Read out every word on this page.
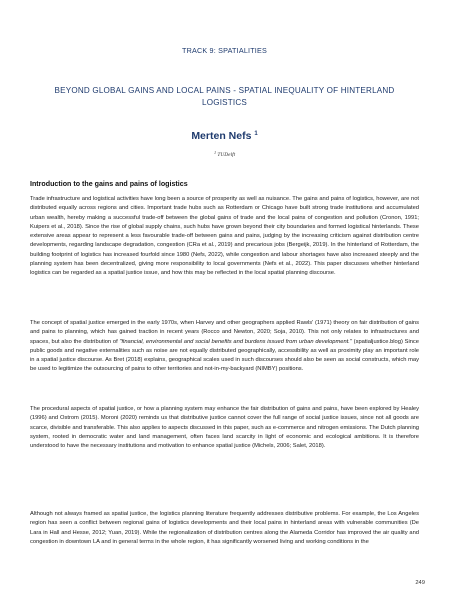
TRACK 9: SPATIALITIES
BEYOND GLOBAL GAINS AND LOCAL PAINS - SPATIAL INEQUALITY OF HINTERLAND LOGISTICS
Merten Nefs $^1$
$^1$ TUDelft
Introduction to the gains and pains of logistics

Trade infrastructure and logistical activities have long been a source of prosperity as well as nuisance. The gains and pains of logistics, however, are not distributed equally across regions and cities. Important trade hubs such as Rotterdam or Chicago have built strong trade institutions and accumulated urban wealth, hereby making a successful trade-off between the global gains of trade and the local pains of congestion and pollution (Cronon, 1991; Kuipers et al., 2018). Since the rise of global supply chains, such hubs have grown beyond their city boundaries and formed logistical hinterlands. These extensive areas appear to represent a less favourable trade-off between gains and pains, judging by the increasing criticism against distribution centre developments, regarding landscape degradation, congestion (CRa et al., 2019) and precarious jobs (Bergeijk, 2019). In the hinterland of Rotterdam, the building footprint of logistics has increased fourfold since 1980 (Nefs, 2022), while congestion and labour shortages have also increased steeply and the planning system has been decentralized, giving more responsibility to local governments (Nefs et al., 2022). This paper discusses whether hinterland logistics can be regarded as a spatial justice issue, and how this may be reflected in the local spatial planning discourse.

The concept of spatial justice emerged in the early 1970s, when Harvey and other geographers applied Rawls' (1971) theory on fair distribution of gains and pains to planning, which has gained traction in recent years (Rocco and Newton, 2020; Soja, 2010). This not only relates to infrastructures and spaces, but also the distribution of "financial, environmental and social benefits and burdens issued from urban development." (spatialjustice.blog) Since public goods and negative externalities such as noise are not equally distributed geographically, accessibility as well as proximity play an important role in a spatial justice discourse. As Bret (2018) explains, geographical scales used in such discourses should also be seen as social constructs, which may be used to legitimize the outsourcing of pains to other territories and not-in-my-backyard (NIMBY) positions.

The procedural aspects of spatial justice, or how a planning system may enhance the fair distribution of gains and pains, have been explored by Healey (1996) and Ostrom (2015). Moroni (2020) reminds us that distributive justice cannot cover the full range of social justice issues, since not all goods are scarce, divisible and transferable. This also applies to aspects discussed in this paper, such as e-commerce and nitrogen emissions. The Dutch planning system, rooted in democratic water and land management, often faces land scarcity in light of economic and ecological ambitions. It is therefore understood to have the necessary institutions and motivation to enhance spatial justice (Michels, 2006; Salet, 2018).

Although not always framed as spatial justice, the logistics planning literature frequently addresses distributive problems. For example, the Los Angeles region has seen a conflict between regional gains of logistics developments and their local pains in hinterland areas with vulnerable communities (De Lara in Hall and Hesse, 2012; Yuan, 2019). While the regionalization of distribution centres along the Alameda Corridor has improved the air quality and congestion in downtown LA and in general terms in the whole region, it has significantly worsened living and working conditions in the

249
